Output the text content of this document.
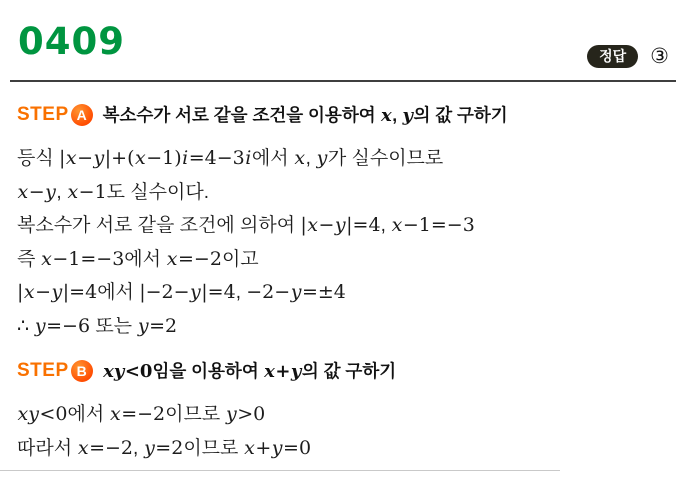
0409	정답	③
STEP A 복소수가 서로 같을 조건을 이용하여 x, y의 값 구하기
등식 |x−y|+(x−1)i=4−3i에서 x, y가 실수이므로
x−y, x−1도 실수이다.
복소수가 서로 같을 조건에 의하여 |x−y|=4, x−1=−3
즉 x−1=−3에서 x=−2이고
|x−y|=4에서 |−2−y|=4, −2−y=±4
∴ y=−6 또는 y=2
STEP B xy<0임을 이용하여 x+y의 값 구하기
xy<0에서 x=−2이므로 y>0
따라서 x=−2, y=2이므로 x+y=0
